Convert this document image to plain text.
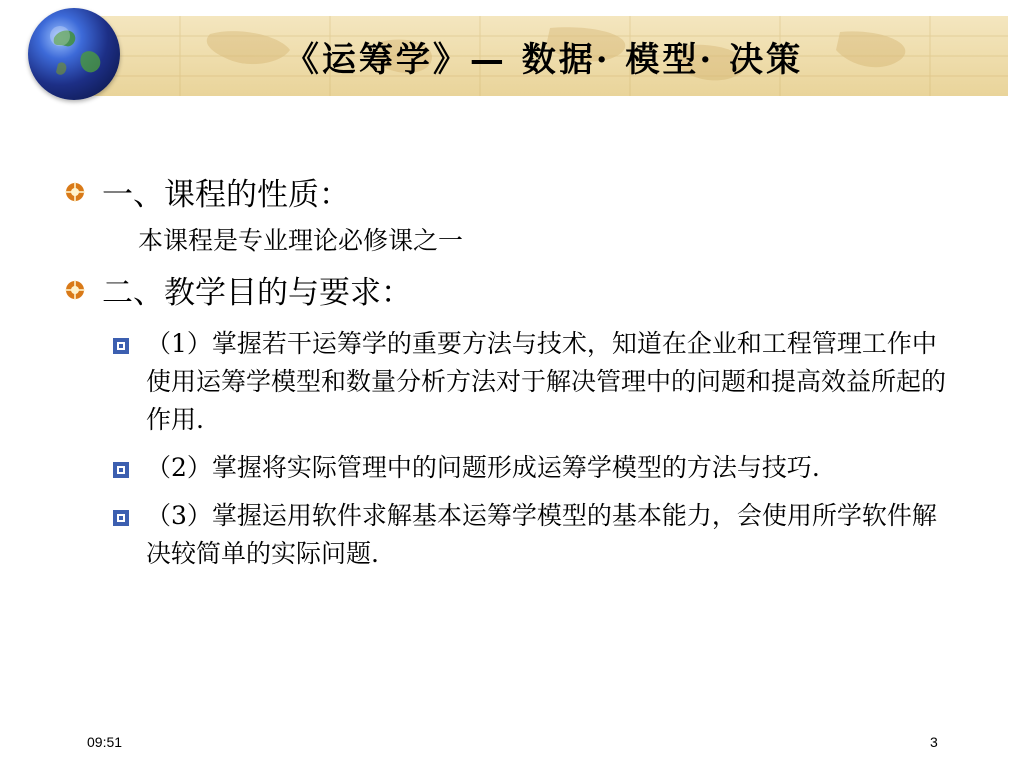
《运筹学》— 数据· 模型· 决策
一、课程的性质：
本课程是专业理论必修课之一
二、教学目的与要求：
（1）掌握若干运筹学的重要方法与技术，知道在企业和工程管理工作中使用运筹学模型和数量分析方法对于解决管理中的问题和提高效益所起的作用.
（2）掌握将实际管理中的问题形成运筹学模型的方法与技巧.
（3）掌握运用软件求解基本运筹学模型的基本能力，会使用所学软件解决较简单的实际问题.
09:51	3
